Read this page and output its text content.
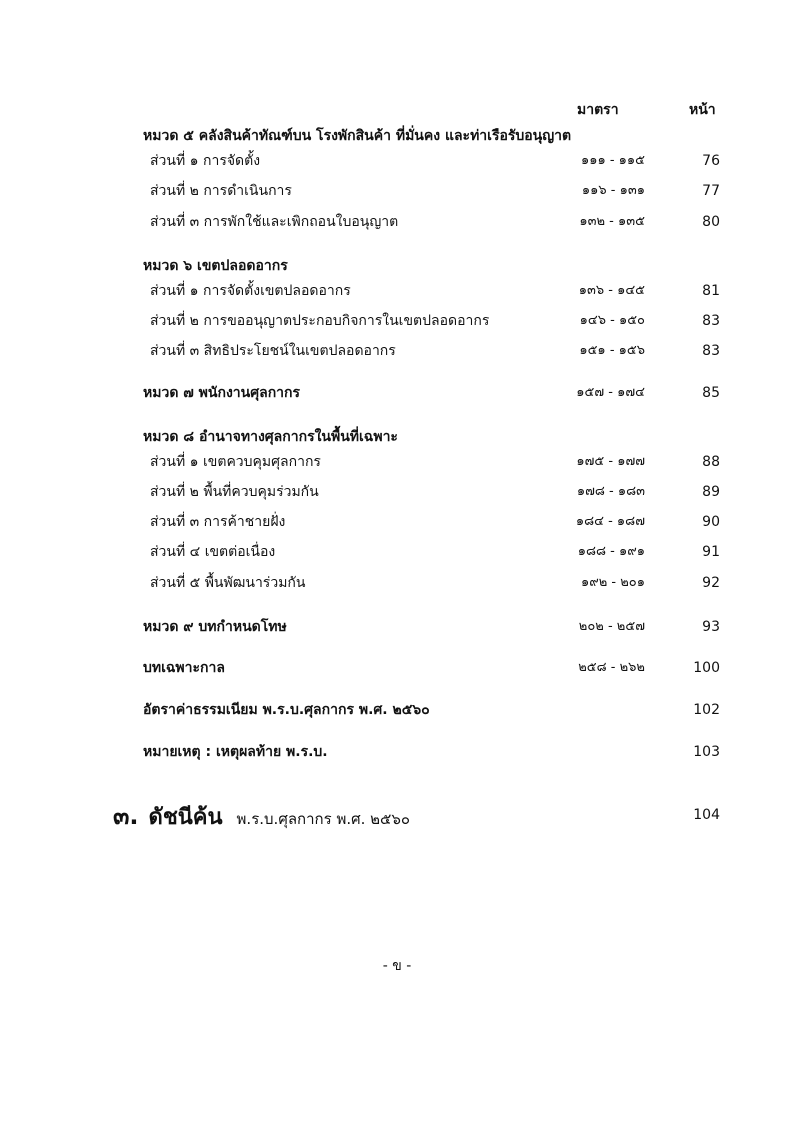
มาตรา	หน้า
หมวด ๕ คลังสินค้าทัณฑ์บน โรงพักสินค้า ที่มั่นคง และท่าเรือรับอนุญาต
ส่วนที่ ๑ การจัดตั้ง	๑๑๑ - ๑๑๕	76
ส่วนที่ ๒ การดำเนินการ	๑๑๖ - ๑๓๑	77
ส่วนที่ ๓ การพักใช้และเพิกถอนใบอนุญาต	๑๓๒ - ๑๓๕	80
หมวด ๖ เขตปลอดอากร
ส่วนที่ ๑ การจัดตั้งเขตปลอดอากร	๑๓๖ - ๑๔๕	81
ส่วนที่ ๒ การขออนุญาตประกอบกิจการในเขตปลอดอากร	๑๔๖ - ๑๕๐	83
ส่วนที่ ๓ สิทธิประโยชน์ในเขตปลอดอากร	๑๕๑ - ๑๕๖	83
หมวด ๗ พนักงานศุลกากร	๑๕๗ - ๑๗๔	85
หมวด ๘ อำนาจทางศุลกากรในพื้นที่เฉพาะ
ส่วนที่ ๑ เขตควบคุมศุลกากร	๑๗๕ - ๑๗๗	88
ส่วนที่ ๒ พื้นที่ควบคุมร่วมกัน	๑๗๘ - ๑๘๓	89
ส่วนที่ ๓ การค้าชายฝั่ง	๑๘๔ - ๑๘๗	90
ส่วนที่ ๔ เขตต่อเนื่อง	๑๘๘ - ๑๙๑	91
ส่วนที่ ๕ พื้นพัฒนาร่วมกัน	๑๙๒ - ๒๐๑	92
หมวด ๙ บทกำหนดโทษ	๒๐๒ - ๒๕๗	93
บทเฉพาะกาล	๒๕๘ - ๒๖๒	100
อัตราค่าธรรมเนียม พ.ร.บ.ศุลกากร พ.ศ. ๒๕๖๐	102
หมายเหตุ : เหตุผลท้าย พ.ร.บ.	103
๓. ดัชนีค้น พ.ร.บ.ศุลกากร พ.ศ. ๒๕๖๐	104
- ข -
